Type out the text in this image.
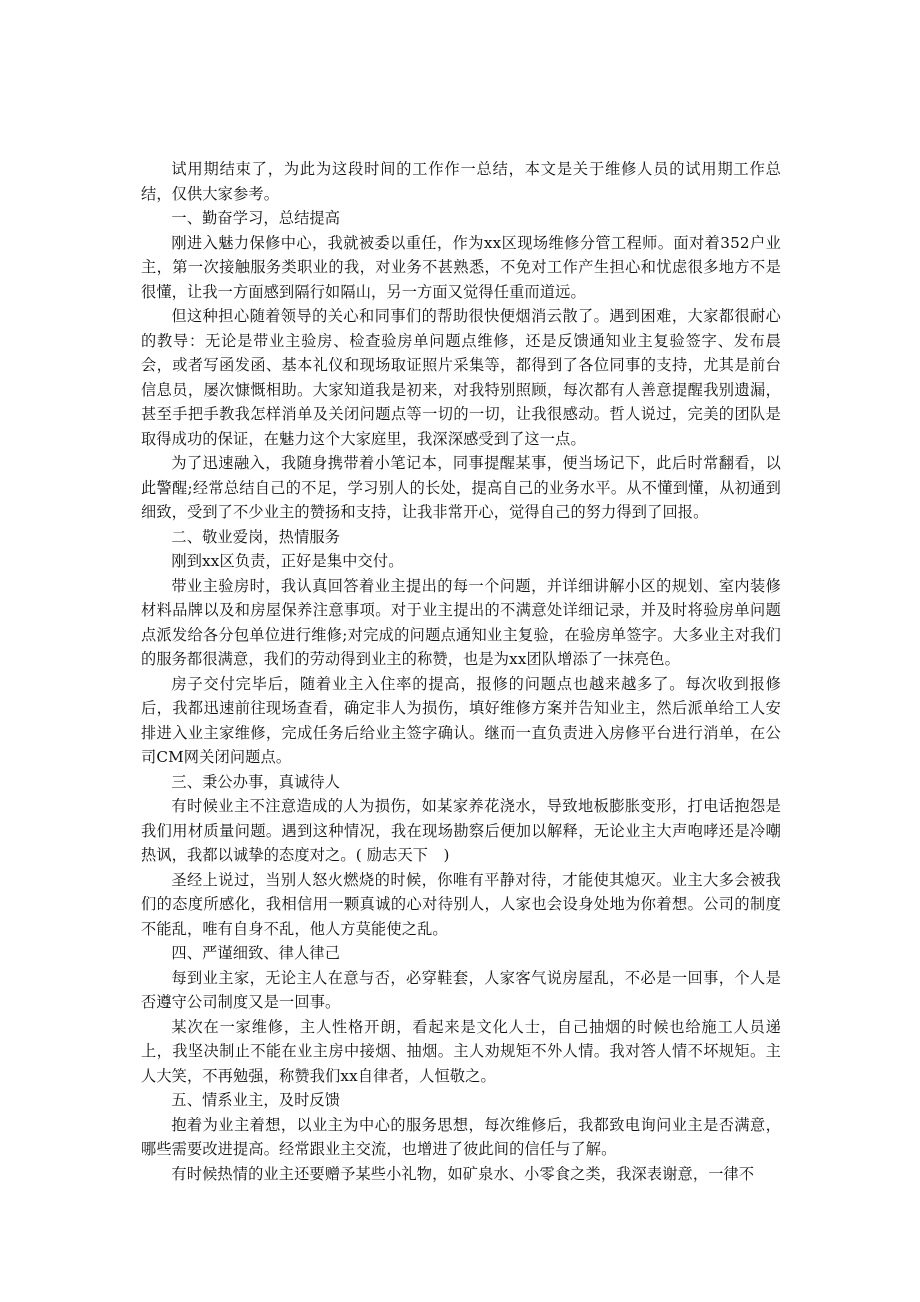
试用期结束了，为此为这段时间的工作作一总结，本文是关于维修人员的试用期工作总结，仅供大家参考。

一、勤奋学习，总结提高

刚进入魅力保修中心，我就被委以重任，作为xx区现场维修分管工程师。面对着352户业主，第一次接触服务类职业的我，对业务不甚熟悉，不免对工作产生担心和忧虑很多地方不是很懂，让我一方面感到隔行如隔山，另一方面又觉得任重而道远。

但这种担心随着领导的关心和同事们的帮助很快便烟消云散了。遇到困难，大家都很耐心的教导：无论是带业主验房、检查验房单问题点维修，还是反馈通知业主复验签字、发布晨会，或者写函发函、基本礼仪和现场取证照片采集等，都得到了各位同事的支持，尤其是前台信息员，屡次慷慨相助。大家知道我是初来，对我特别照顾，每次都有人善意提醒我别遗漏，甚至手把手教我怎样消单及关闭问题点等一切的一切，让我很感动。哲人说过，完美的团队是取得成功的保证，在魅力这个大家庭里，我深深感受到了这一点。

为了迅速融入，我随身携带着小笔记本，同事提醒某事，便当场记下，此后时常翻看，以此警醒;经常总结自己的不足，学习别人的长处，提高自己的业务水平。从不懂到懂，从初通到细致，受到了不少业主的赞扬和支持，让我非常开心，觉得自己的努力得到了回报。

二、敬业爱岗，热情服务

刚到xx区负责，正好是集中交付。

带业主验房时，我认真回答着业主提出的每一个问题，并详细讲解小区的规划、室内装修材料品牌以及和房屋保养注意事项。对于业主提出的不满意处详细记录，并及时将验房单问题点派发给各分包单位进行维修;对完成的问题点通知业主复验，在验房单签字。大多业主对我们的服务都很满意，我们的劳动得到业主的称赞，也是为xx团队增添了一抹亮色。

房子交付完毕后，随着业主入住率的提高，报修的问题点也越来越多了。每次收到报修后，我都迅速前往现场查看，确定非人为损伤，填好维修方案并告知业主，然后派单给工人安排进入业主家维修，完成任务后给业主签字确认。继而一直负责进入房修平台进行消单，在公司CM网关闭问题点。

三、秉公办事，真诚待人

有时候业主不注意造成的人为损伤，如某家养花浇水，导致地板膨胀变形，打电话抱怨是我们用材质量问题。遇到这种情况，我在现场勘察后便加以解释，无论业主大声咆哮还是冷嘲热讽，我都以诚挚的态度对之。( 励志天下　)

圣经上说过，当别人怒火燃烧的时候，你唯有平静对待，才能使其熄灭。业主大多会被我们的态度所感化，我相信用一颗真诚的心对待别人，人家也会设身处地为你着想。公司的制度不能乱，唯有自身不乱，他人方莫能使之乱。

四、严谨细致、律人律己

每到业主家，无论主人在意与否，必穿鞋套，人家客气说房屋乱，不必是一回事，个人是否遵守公司制度又是一回事。

某次在一家维修，主人性格开朗，看起来是文化人士，自己抽烟的时候也给施工人员递上，我坚决制止不能在业主房中接烟、抽烟。主人劝规矩不外人情。我对答人情不坏规矩。主人大笑，不再勉强，称赞我们xx自律者，人恒敬之。

五、情系业主，及时反馈

抱着为业主着想，以业主为中心的服务思想，每次维修后，我都致电询问业主是否满意，哪些需要改进提高。经常跟业主交流，也增进了彼此间的信任与了解。

有时候热情的业主还要赠予某些小礼物，如矿泉水、小零食之类，我深表谢意，一律不
